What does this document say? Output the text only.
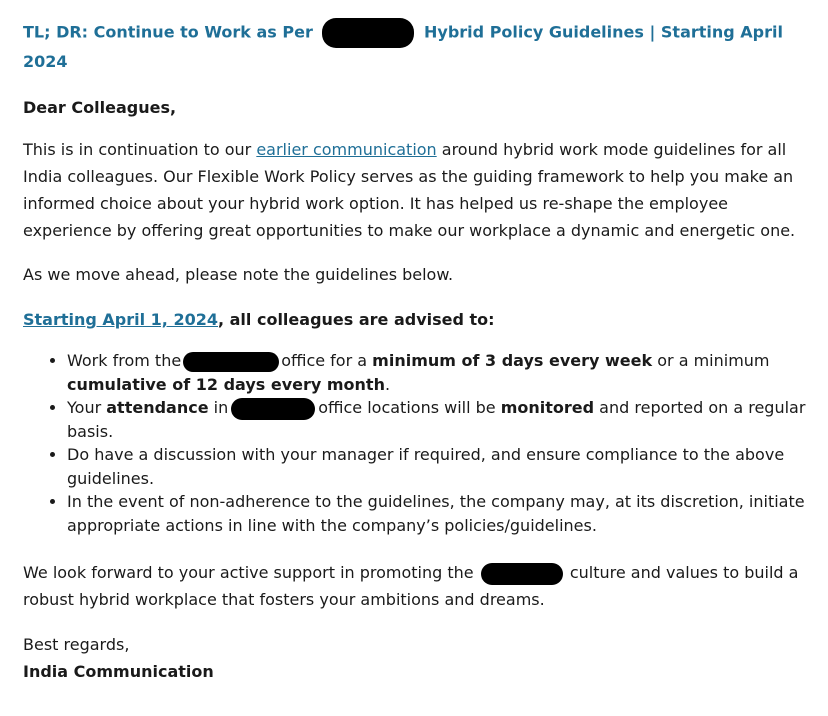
TL; DR: Continue to Work as Per	Hybrid Policy Guidelines | Starting April 2024
Dear Colleagues,

This is in continuation to our earlier communication around hybrid work mode guidelines for all India colleagues. Our Flexible Work Policy serves as the guiding framework to help you make an informed choice about your hybrid work option. It has helped us re-shape the employee experience by offering great opportunities to make our workplace a dynamic and energetic one.

As we move ahead, please note the guidelines below.

Starting April 1, 2024, all colleagues are advised to:

• Work from the	office for a minimum of 3 days every week or a minimum cumulative of 12 days every month.
• Your attendance in	office locations will be monitored and reported on a regular basis.
• Do have a discussion with your manager if required, and ensure compliance to the above guidelines.
• In the event of non-adherence to the guidelines, the company may, at its discretion, initiate appropriate actions in line with the company’s policies/guidelines.

We look forward to your active support in promoting the	culture and values to build a robust hybrid workplace that fosters your ambitions and dreams.

Best regards,

India Communication
